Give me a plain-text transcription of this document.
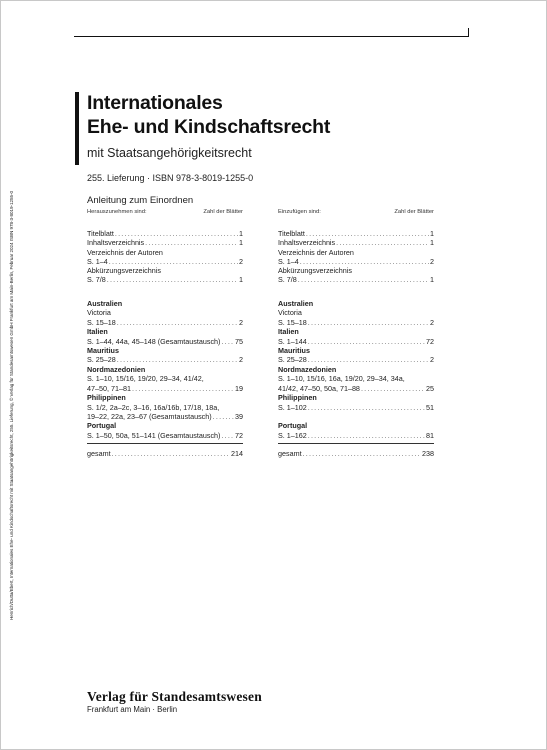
Henrich/Dutta/Ebert, Internationales Ehe- und Kindschaftsrecht mit Staatsangehörigkeitsrecht, 255. Lieferung, © Verlag für Standesamtswesen GmbH Frankfurt am Main-Berlin, Februar 2024 ISBN 978-3-8019-1255-0
Internationales
Ehe- und Kindschaftsrecht
mit Staatsangehörigkeitsrecht
255. Lieferung · ISBN 978-3-8019-1255-0
Anleitung zum Einordnen
Herauszunehmen sind:	Zahl der Blätter
Titelblatt .....	1
Inhaltsverzeichnis .....	1
Verzeichnis der Autoren
S. 1–4 .....	2
Abkürzungsverzeichnis
S. 7/8 .....	1
Australien
Victoria
S. 15–18 .....	2
Italien
S. 1–44, 44a, 45–148 (Gesamtaustausch) ..... 75
Mauritius
S. 25–28 .....	2
Nordmazedonien
S. 1–10, 15/16, 19/20, 29–34, 41/42,
47–50, 71–81 .....	19
Philippinen
S. 1/2, 2a–2c, 3–16, 16a/16b, 17/18, 18a,
19–22, 22a, 23–67 (Gesamtaustausch) .....	39
Portugal
S. 1–50, 50a, 51–141 (Gesamtaustausch) ..... 72
gesamt .....	214
Einzufügen sind:	Zahl der Blätter
Titelblatt .....	1
Inhaltsverzeichnis .....	1
Verzeichnis der Autoren
S. 1–4 .....	2
Abkürzungsverzeichnis
S. 7/8 .....	1
Australien
Victoria
S. 15–18 .....	2
Italien
S. 1–144 .....	72
Mauritius
S. 25–28 .....	2
Nordmazedonien
S. 1–10, 15/16, 16a, 19/20, 29–34, 34a,
41/42, 47–50, 50a, 71–88 .....	25
Philippinen
S. 1–102 .....	51
Portugal
S. 1–162 .....	81
gesamt .....	238
Verlag für Standesamtswesen
Frankfurt am Main · Berlin
